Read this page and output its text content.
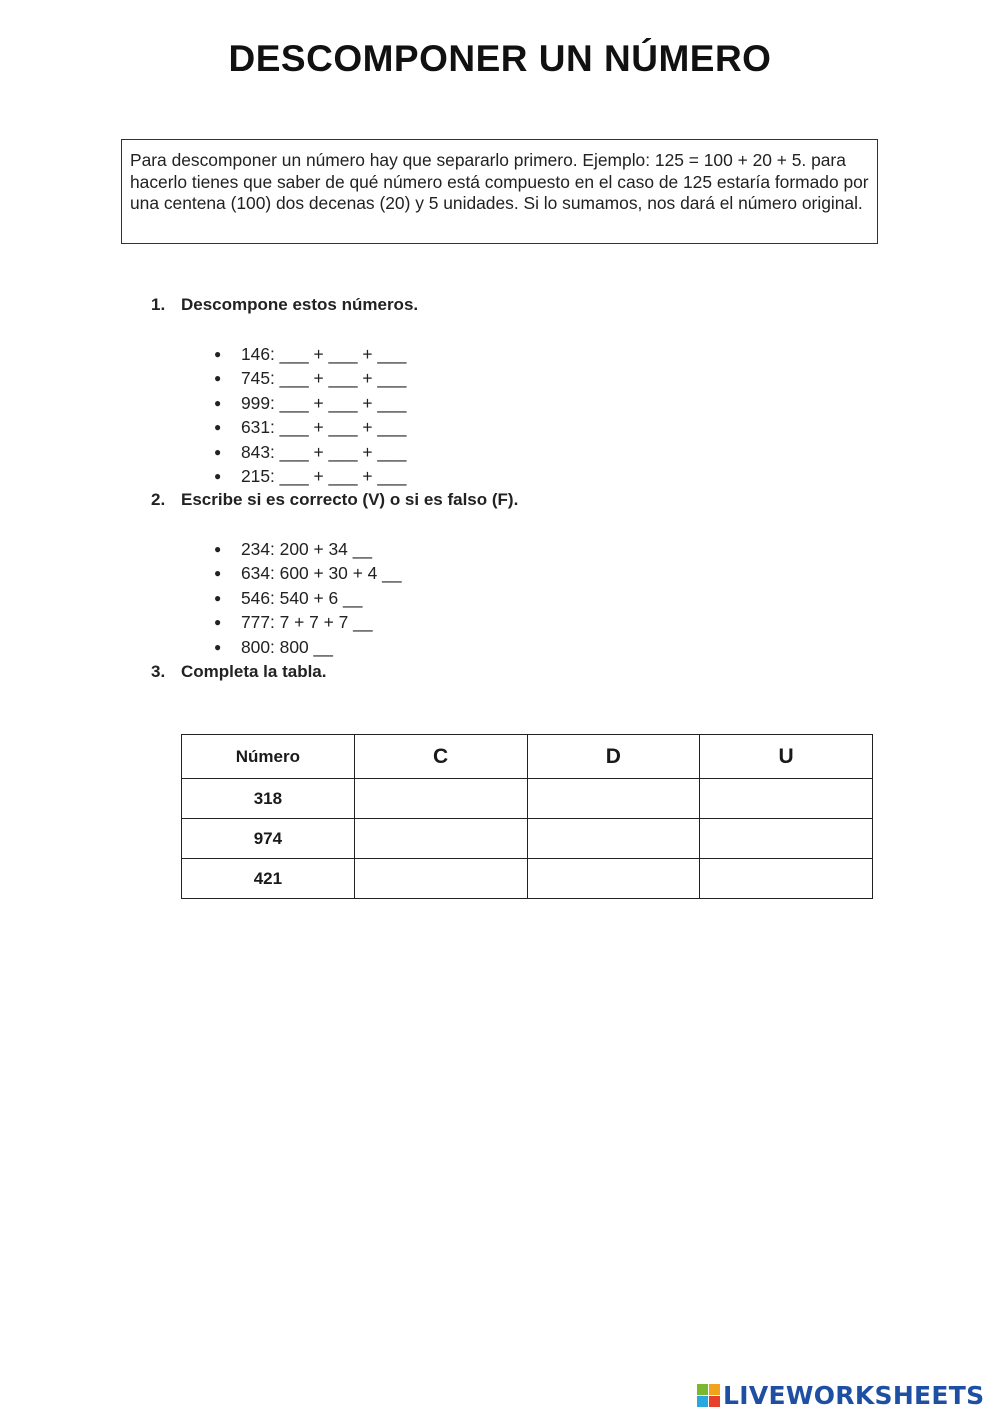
DESCOMPONER UN NÚMERO

Para descomponer un número hay que separarlo primero. Ejemplo: 125 = 100 + 20 + 5. para hacerlo tienes que saber de qué número está compuesto en el caso de 125 estaría formado por una centena (100) dos decenas (20) y 5 unidades. Si lo sumamos, nos dará el número original.

1. Descompone estos números.
● 146: ___ + ___ + ___
● 745: ___ + ___ + ___
● 999: ___ + ___ + ___
● 631: ___ + ___ + ___
● 843: ___ + ___ + ___
● 215: ___ + ___ + ___
2. Escribe si es correcto (V) o si es falso (F).
● 234: 200 + 34 __
● 634: 600 + 30 + 4 __
● 546: 540 + 6 __
● 777: 7 + 7 + 7 __
● 800: 800 __
3. Completa la tabla.
Número	C	D	U
318			
974			
421			
LIVEWORKSHEETS
